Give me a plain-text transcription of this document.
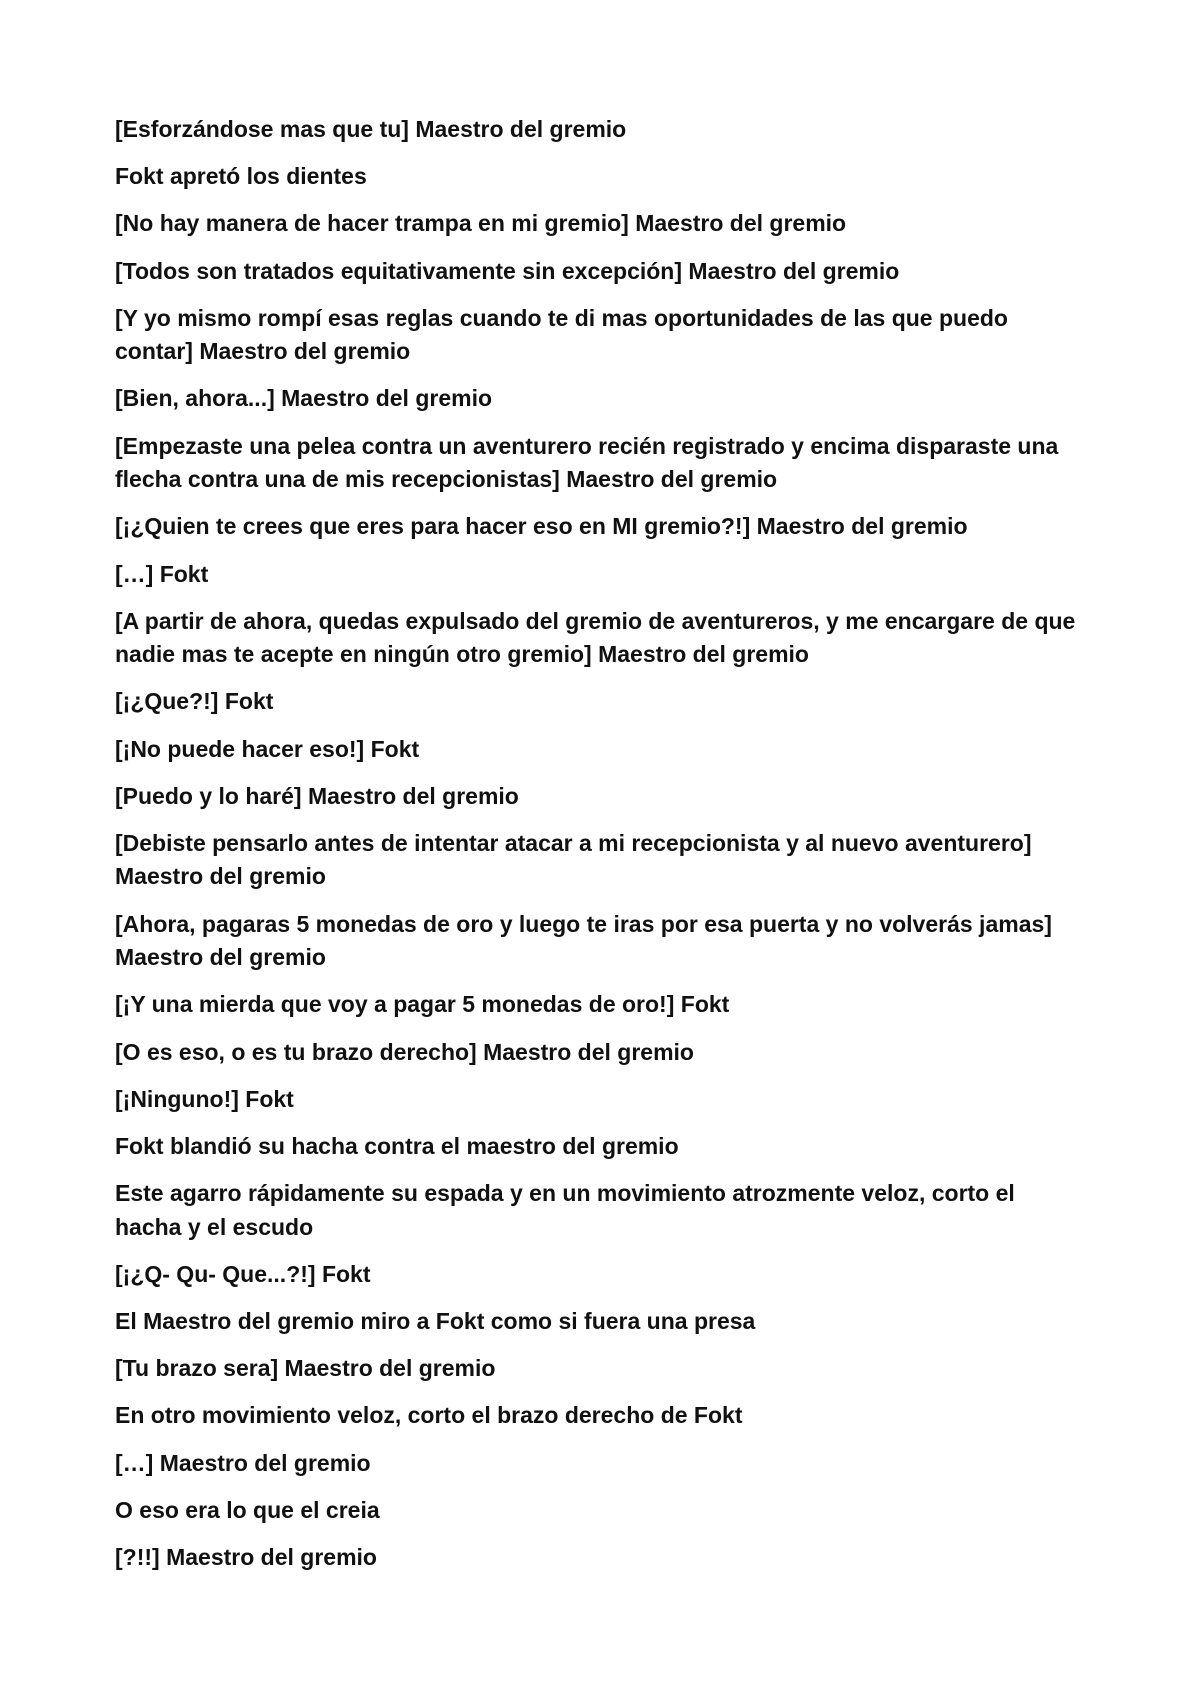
[Esforzándose mas que tu] Maestro del gremio

Fokt apretó los dientes

[No hay manera de hacer trampa en mi gremio] Maestro del gremio

[Todos son tratados equitativamente sin excepción] Maestro del gremio

[Y yo mismo rompí esas reglas cuando te di mas oportunidades de las que puedo contar] Maestro del gremio

[Bien, ahora...] Maestro del gremio

[Empezaste una pelea contra un aventurero recién registrado y encima disparaste una flecha contra una de mis recepcionistas] Maestro del gremio

[¡¿Quien te crees que eres para hacer eso en MI gremio?!] Maestro del gremio

[…] Fokt

[A partir de ahora, quedas expulsado del gremio de aventureros, y me encargare de que nadie mas te acepte en ningún otro gremio] Maestro del gremio

[¡¿Que?!] Fokt

[¡No puede hacer eso!] Fokt

[Puedo y lo haré] Maestro del gremio

[Debiste pensarlo antes de intentar atacar a mi recepcionista y al nuevo aventurero] Maestro del gremio

[Ahora, pagaras 5 monedas de oro y luego te iras por esa puerta y no volverás jamas] Maestro del gremio

[¡Y una mierda que voy a pagar 5 monedas de oro!] Fokt

[O es eso, o es tu brazo derecho] Maestro del gremio

[¡Ninguno!] Fokt

Fokt blandió su hacha contra el maestro del gremio

Este agarro rápidamente su espada y en un movimiento atrozmente veloz, corto el hacha y el escudo

[¡¿Q- Qu- Que...?!] Fokt

El Maestro del gremio miro a Fokt como si fuera una presa

[Tu brazo sera] Maestro del gremio

En otro movimiento veloz, corto el brazo derecho de Fokt

[…] Maestro del gremio

O eso era lo que el creia

[?!!] Maestro del gremio
